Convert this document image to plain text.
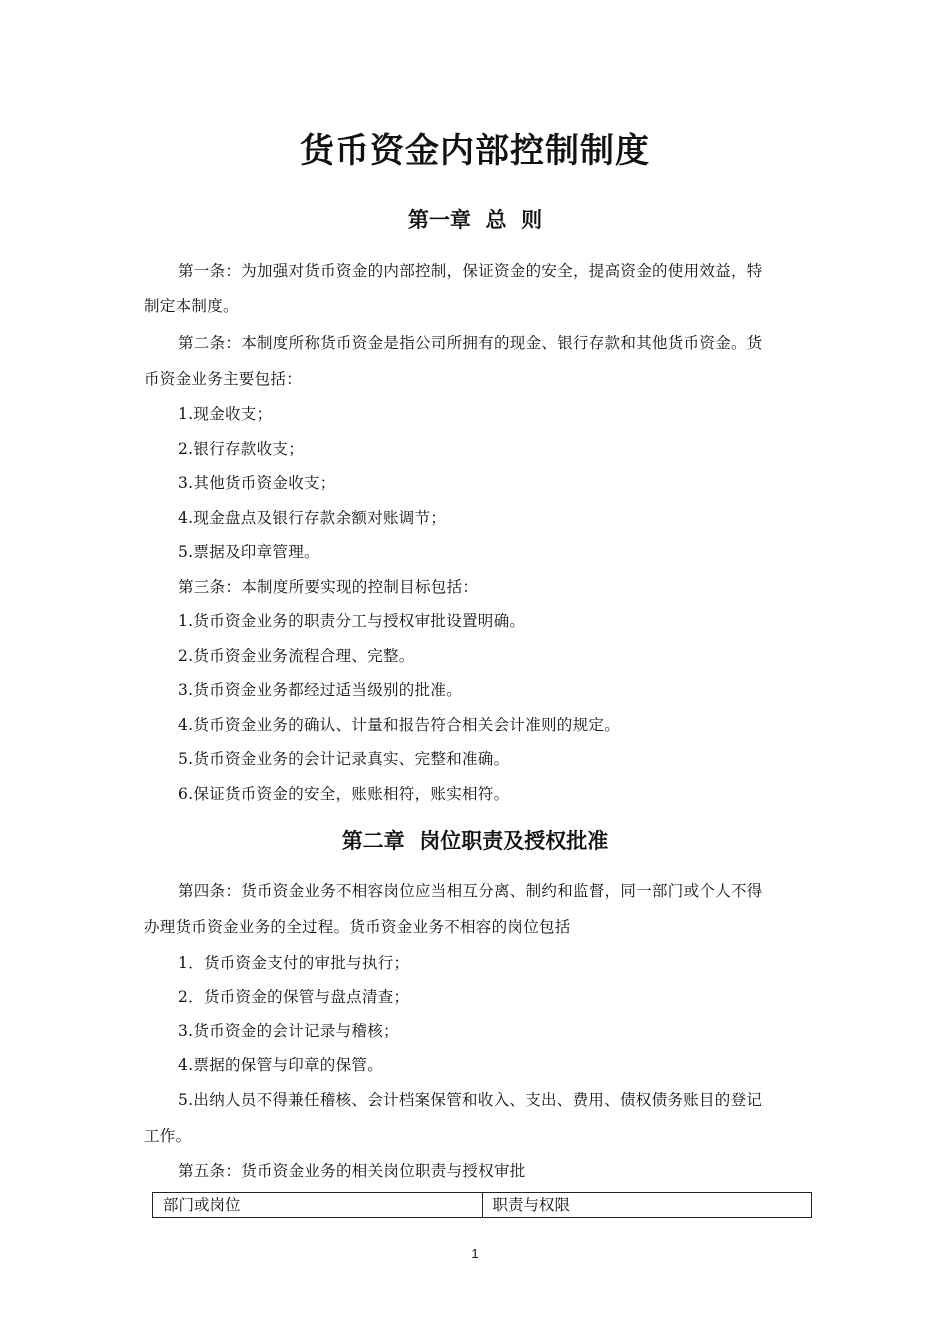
货币资金内部控制制度
第一章  总  则
第一条：为加强对货币资金的内部控制，保证资金的安全，提高资金的使用效益，特
制定本制度。
第二条：本制度所称货币资金是指公司所拥有的现金、银行存款和其他货币资金。货
币资金业务主要包括：
1.现金收支；
2.银行存款收支；
3.其他货币资金收支；
4.现金盘点及银行存款余额对账调节；
5.票据及印章管理。
第三条：本制度所要实现的控制目标包括：
1.货币资金业务的职责分工与授权审批设置明确。
2.货币资金业务流程合理、完整。
3.货币资金业务都经过适当级别的批准。
4.货币资金业务的确认、计量和报告符合相关会计准则的规定。
5.货币资金业务的会计记录真实、完整和准确。
6.保证货币资金的安全，账账相符，账实相符。
第二章  岗位职责及授权批准
第四条：货币资金业务不相容岗位应当相互分离、制约和监督，同一部门或个人不得
办理货币资金业务的全过程。货币资金业务不相容的岗位包括
1．货币资金支付的审批与执行；
2．货币资金的保管与盘点清查；
3.货币资金的会计记录与稽核；
4.票据的保管与印章的保管。
5.出纳人员不得兼任稽核、会计档案保管和收入、支出、费用、债权债务账目的登记
工作。
第五条：货币资金业务的相关岗位职责与授权审批
部门或岗位	职责与权限
1
